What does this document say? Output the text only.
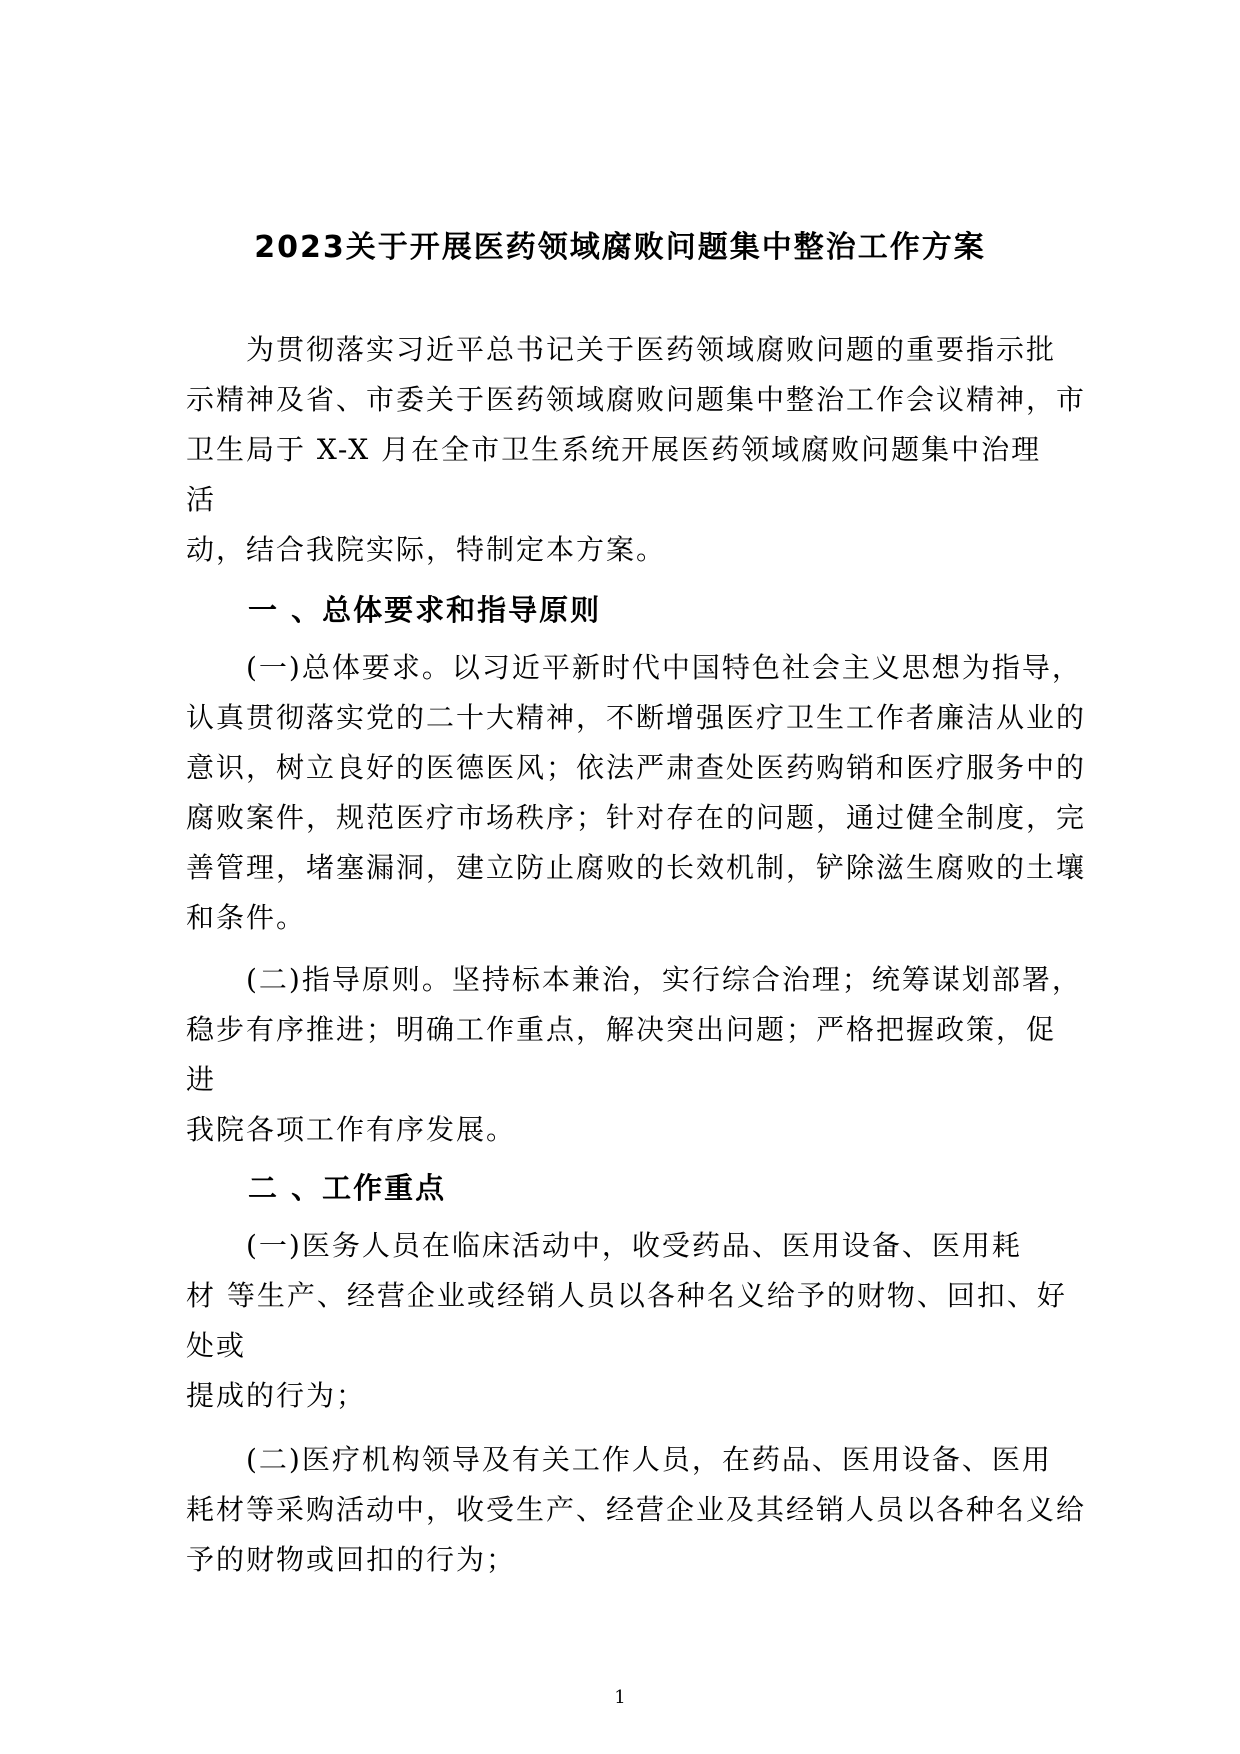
2023关于开展医药领域腐败问题集中整治工作方案
　　为贯彻落实习近平总书记关于医药领域腐败问题的重要指示批
示精神及省、市委关于医药领域腐败问题集中整治工作会议精神，市
卫生局于 X-X 月在全市卫生系统开展医药领域腐败问题集中治理
活
动，结合我院实际，特制定本方案。
一 、总体要求和指导原则
　　(一)总体要求。以习近平新时代中国特色社会主义思想为指导，
认真贯彻落实党的二十大精神，不断增强医疗卫生工作者廉洁从业的
意识，树立良好的医德医风；依法严肃查处医药购销和医疗服务中的
腐败案件，规范医疗市场秩序；针对存在的问题，通过健全制度，完
善管理，堵塞漏洞，建立防止腐败的长效机制，铲除滋生腐败的土壤
和条件。
　　(二)指导原则。坚持标本兼治，实行综合治理；统筹谋划部署，
稳步有序推进；明确工作重点，解决突出问题；严格把握政策，促
进
我院各项工作有序发展。
二 、工作重点
　　(一)医务人员在临床活动中，收受药品、医用设备、医用耗
材 等生产、经营企业或经销人员以各种名义给予的财物、回扣、好
处或
提成的行为；
　　(二)医疗机构领导及有关工作人员，在药品、医用设备、医用
耗材等采购活动中，收受生产、经营企业及其经销人员以各种名义给
予的财物或回扣的行为；
1
